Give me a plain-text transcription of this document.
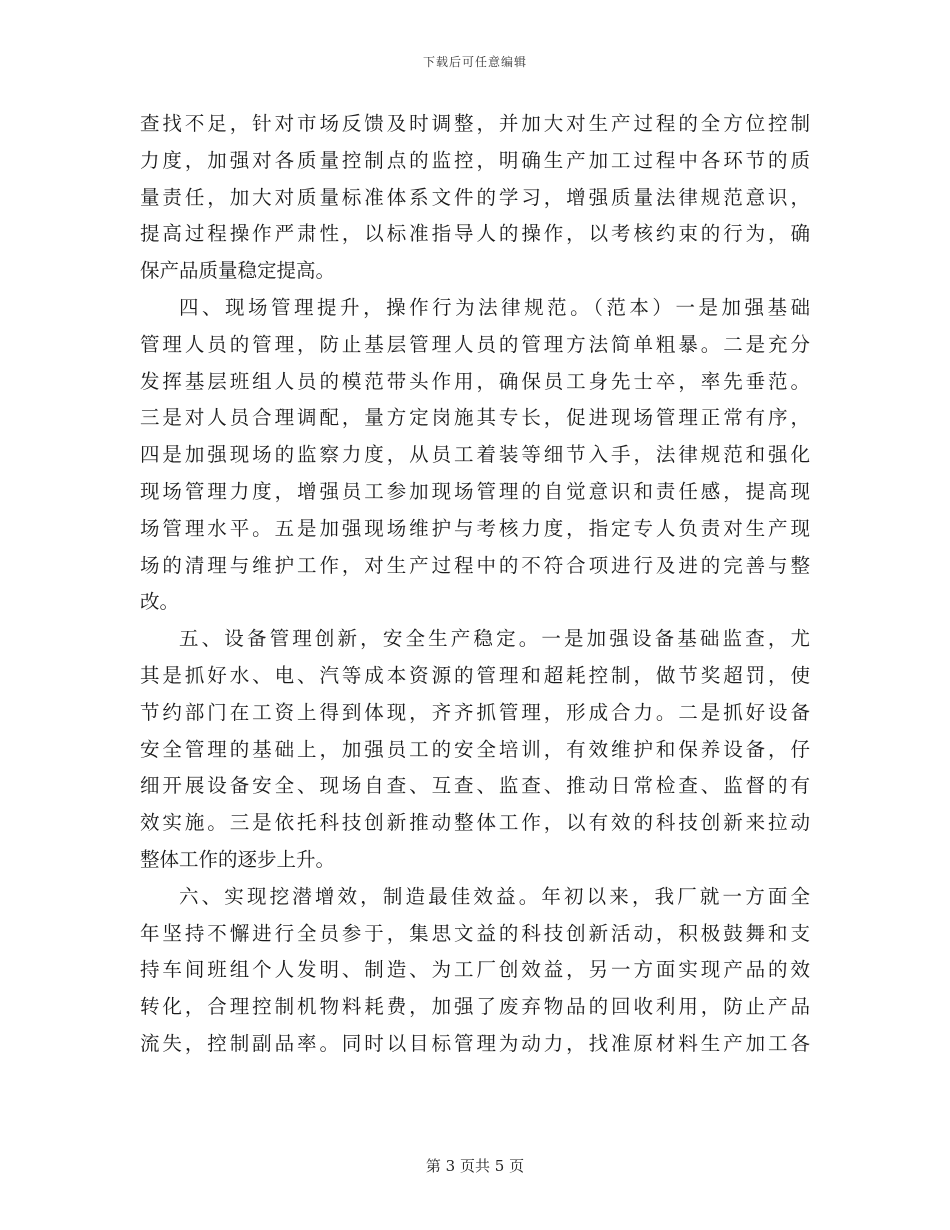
下载后可任意编辑
查找不足，针对市场反馈及时调整，并加大对生产过程的全方位控制
力度，加强对各质量控制点的监控，明确生产加工过程中各环节的质
量责任，加大对质量标准体系文件的学习，增强质量法律规范意识，
提高过程操作严肃性，以标准指导人的操作，以考核约束的行为，确
保产品质量稳定提高。
四、现场管理提升，操作行为法律规范。（范本）一是加强基础
管理人员的管理，防止基层管理人员的管理方法简单粗暴。二是充分
发挥基层班组人员的模范带头作用，确保员工身先士卒，率先垂范。
三是对人员合理调配，量方定岗施其专长，促进现场管理正常有序，
四是加强现场的监察力度，从员工着装等细节入手，法律规范和强化
现场管理力度，增强员工参加现场管理的自觉意识和责任感，提高现
场管理水平。五是加强现场维护与考核力度，指定专人负责对生产现
场的清理与维护工作，对生产过程中的不符合项进行及进的完善与整
改。
五、设备管理创新，安全生产稳定。一是加强设备基础监查，尤
其是抓好水、电、汽等成本资源的管理和超耗控制，做节奖超罚，使
节约部门在工资上得到体现，齐齐抓管理，形成合力。二是抓好设备
安全管理的基础上，加强员工的安全培训，有效维护和保养设备，仔
细开展设备安全、现场自查、互查、监查、推动日常检查、监督的有
效实施。三是依托科技创新推动整体工作，以有效的科技创新来拉动
整体工作的逐步上升。
六、实现挖潜增效，制造最佳效益。年初以来，我厂就一方面全
年坚持不懈进行全员参于，集思文益的科技创新活动，积极鼓舞和支
持车间班组个人发明、制造、为工厂创效益，另一方面实现产品的效
转化，合理控制机物料耗费，加强了废弃物品的回收利用，防止产品
流失，控制副品率。同时以目标管理为动力，找准原材料生产加工各
第 3 页共 5 页
